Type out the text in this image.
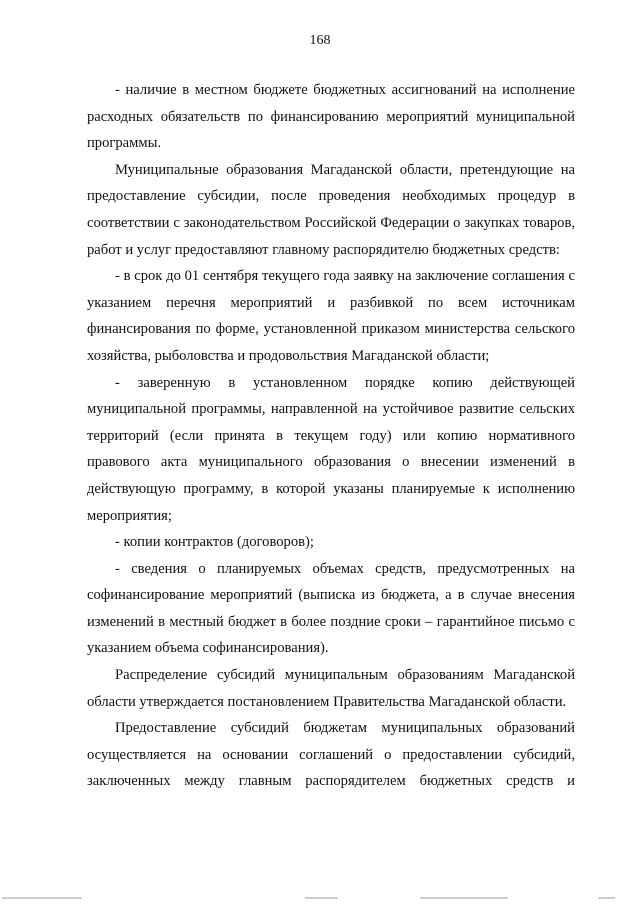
168

- наличие в местном бюджете бюджетных ассигнований на исполнение расходных обязательств по финансированию мероприятий муниципальной программы.

Муниципальные образования Магаданской области, претендующие на предоставление субсидии, после проведения необходимых процедур в соответствии с законодательством Российской Федерации о закупках товаров, работ и услуг предоставляют главному распорядителю бюджетных средств:

- в срок до 01 сентября текущего года заявку на заключение соглашения с указанием перечня мероприятий и разбивкой по всем источникам финансирования по форме, установленной приказом министерства сельского хозяйства, рыболовства и продовольствия Магаданской области;

- заверенную в установленном порядке копию действующей муниципальной программы, направленной на устойчивое развитие сельских территорий (если принята в текущем году) или копию нормативного правового акта муниципального образования о внесении изменений в действующую программу, в которой указаны планируемые к исполнению мероприятия;

- копии контрактов (договоров);

- сведения о планируемых объемах средств, предусмотренных на софинансирование мероприятий (выписка из бюджета, а в случае внесения изменений в местный бюджет в более поздние сроки – гарантийное письмо с указанием объема софинансирования).

Распределение субсидий муниципальным образованиям Магаданской области утверждается постановлением Правительства Магаданской области.

Предоставление субсидий бюджетам муниципальных образований осуществляется на основании соглашений о предоставлении субсидий, заключенных между главным распорядителем бюджетных средств и
